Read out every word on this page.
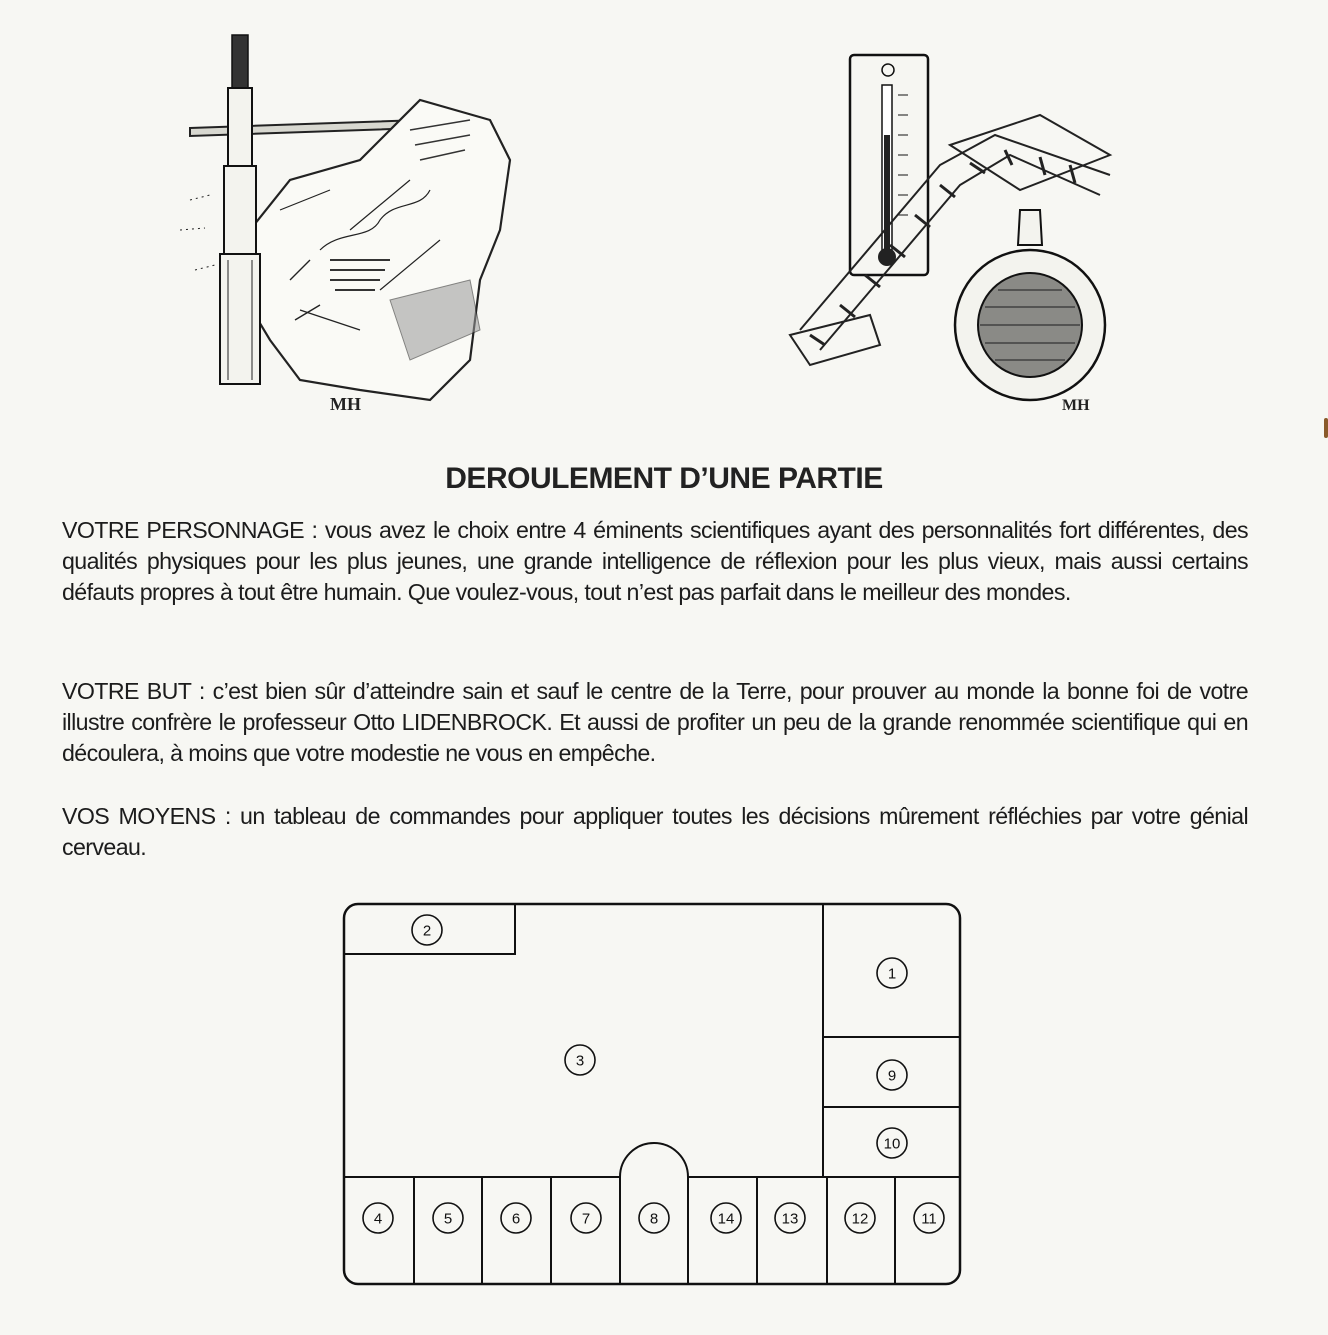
MH	MH
DEROULEMENT D’UNE PARTIE

VOTRE PERSONNAGE : vous avez le choix entre 4 éminents scientifiques ayant des personnalités fort différentes, des qualités physiques pour les plus jeunes, une grande intelligence de réflexion pour les plus vieux, mais aussi certains défauts propres à tout être humain. Que voulez-vous, tout n’est pas parfait dans le meilleur des mondes.

VOTRE BUT : c’est bien sûr d’atteindre sain et sauf le centre de la Terre, pour prouver au monde la bonne foi de votre illustre confrère le professeur Otto LIDENBROCK. Et aussi de profiter un peu de la grande renommée scientifique qui en découlera, à moins que votre modestie ne vous en empêche.

VOS MOYENS : un tableau de commandes pour appliquer toutes les décisions mûrement réfléchies par votre génial cerveau.

1
2
3
4	5	6	7	8
9
10
11
12
13
14
